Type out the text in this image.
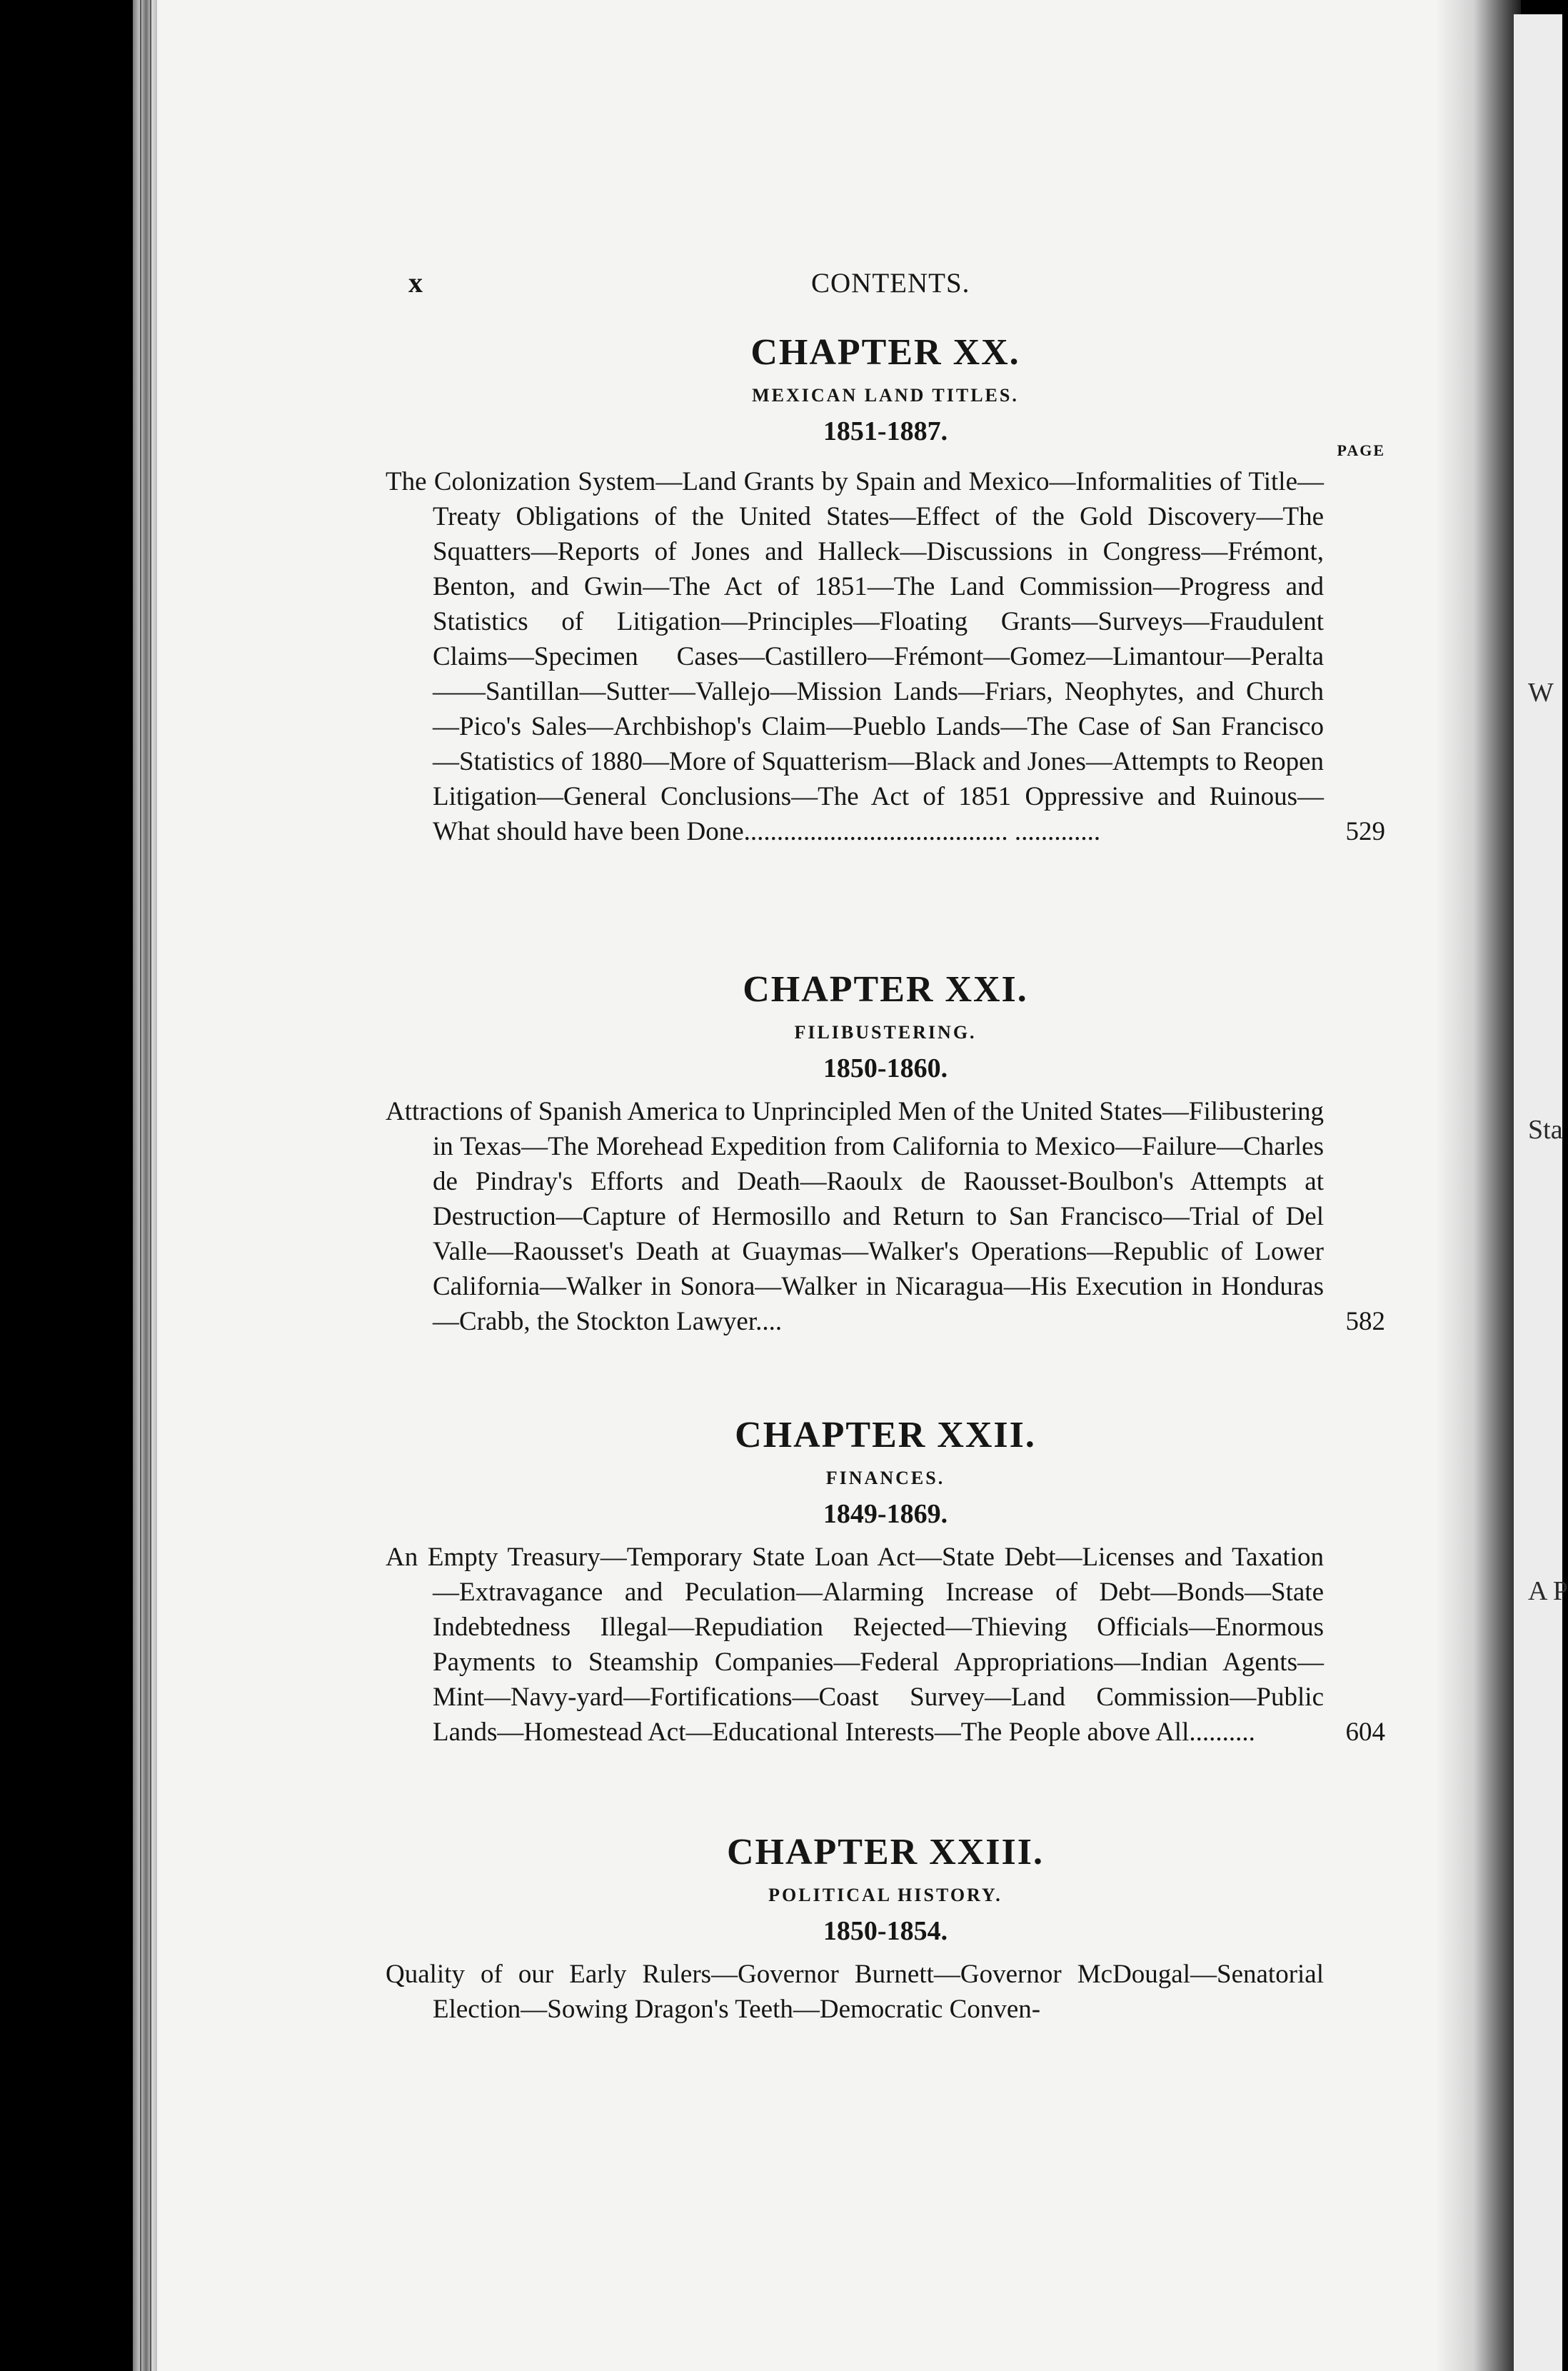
W
Sta
A P
x	CONTENTS.
CHAPTER XX.
MEXICAN LAND TITLES.
1851-1887.
PAGE
The Colonization System—Land Grants by Spain and Mexico—Informalities of Title—Treaty Obligations of the United States—Effect of the Gold Discovery—The Squatters—Reports of Jones and Halleck—Discussions in Congress—Frémont, Benton, and Gwin—The Act of 1851—The Land Commission—Progress and Statistics of Litigation—Principles—Floating Grants—Surveys—Fraudulent Claims—Specimen Cases—Castillero—Frémont—Gomez—Limantour—Peralta——Santillan—Sutter—Vallejo—Mission Lands—Friars, Neophytes, and Church—Pico's Sales—Archbishop's Claim—Pueblo Lands—The Case of San Francisco—Statistics of 1880—More of Squatterism—Black and Jones—Attempts to Reopen Litigation—General Conclusions—The Act of 1851 Oppressive and Ruinous—What should have been Done........................................ .............	529
CHAPTER XXI.
FILIBUSTERING.
1850-1860.
Attractions of Spanish America to Unprincipled Men of the United States—Filibustering in Texas—The Morehead Expedition from California to Mexico—Failure—Charles de Pindray's Efforts and Death—Raoulx de Raousset-Boulbon's Attempts at Destruction—Capture of Hermosillo and Return to San Francisco—Trial of Del Valle—Raousset's Death at Guaymas—Walker's Operations—Republic of Lower California—Walker in Sonora—Walker in Nicaragua—His Execution in Honduras—Crabb, the Stockton Lawyer....	582
CHAPTER XXII.
FINANCES.
1849-1869.
An Empty Treasury—Temporary State Loan Act—State Debt—Licenses and Taxation—Extravagance and Peculation—Alarming Increase of Debt—Bonds—State Indebtedness Illegal—Repudiation Rejected—Thieving Officials—Enormous Payments to Steamship Companies—Federal Appropriations—Indian Agents—Mint—Navy-yard—Fortifications—Coast Survey—Land Commission—Public Lands—Homestead Act—Educational Interests—The People above All..........	604
CHAPTER XXIII.
POLITICAL HISTORY.
1850-1854.
Quality of our Early Rulers—Governor Burnett—Governor McDougal—Senatorial Election—Sowing Dragon's Teeth—Democratic Conven-
